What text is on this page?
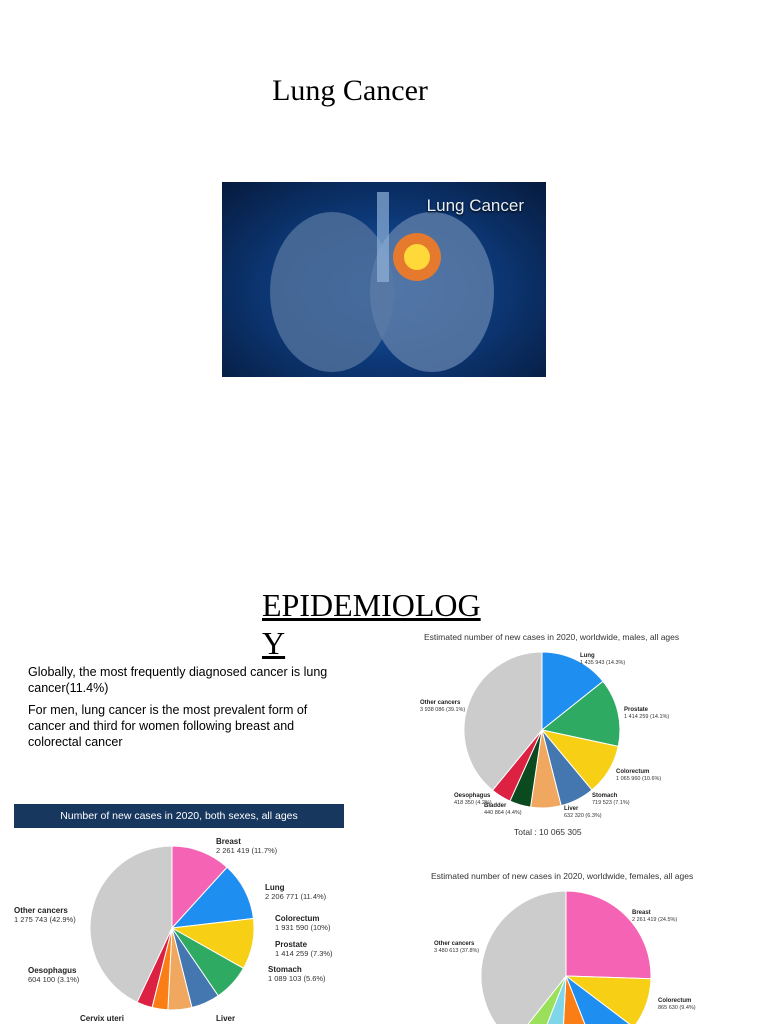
Lung Cancer
Lung Cancer
EPIDEMIOLOGY

Globally, the most frequently diagnosed cancer is lung cancer(11.4%)

For men, lung cancer is the most prevalent form of cancer and third for women following breast and colorectal cancer

Number of new cases in 2020, both sexes, all ages
Breast
2 261 419 (11.7%)
Lung
2 206 771 (11.4%)
Colorectum
1 931 590 (10%)
Prostate
1 414 259 (7.3%)
Stomach
1 089 103 (5.6%)
Liver
Cervix uteri
Oesophagus
604 100 (3.1%)
Other cancers
1 275 743 (42.9%)
Estimated number of new cases in 2020, worldwide, males, all ages
Lung
1 435 943 (14.3%)
Prostate
1 414 259 (14.1%)
Colorectum
1 065 960 (10.6%)
Stomach
719 523 (7.1%)
Liver
632 320 (6.3%)
Bladder
440 864 (4.4%)
Oesophagus
418 350 (4.2%)
Other cancers
3 938 086 (39.1%)
Total : 10 065 305
Estimated number of new cases in 2020, worldwide, females, all ages
Breast
2 261 419 (24.5%)
Colorectum
865 630 (9.4%)
Other cancers
3 480 613 (37.8%)
